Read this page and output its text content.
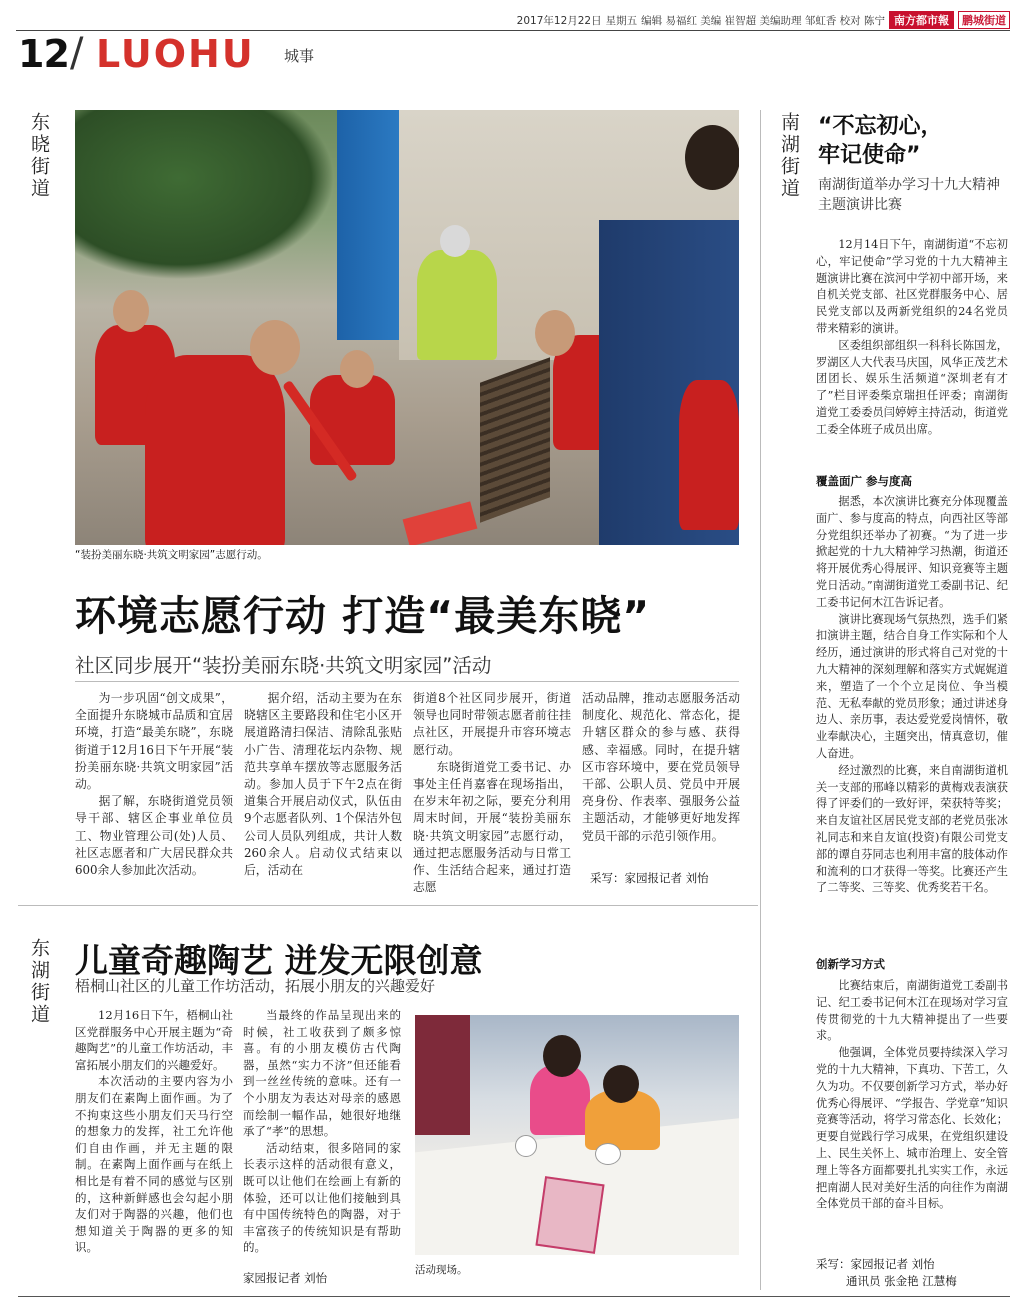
2017年12月22日 星期五 编辑 易福红 美编 崔智超 美编助理 邹虹香 校对 陈宁 南方都市報	鹏城街道
12 / LUOHU 城事
东晓街道
东湖街道
南湖街道
“装扮美丽东晓·共筑文明家园”志愿行动。
环境志愿行动 打造“最美东晓”
社区同步展开“装扮美丽东晓·共筑文明家园”活动

为一步巩固“创文成果”，全面提升东晓城市品质和宜居环境，打造“最美东晓”，东晓街道于12月16日下午开展“装扮美丽东晓·共筑文明家园”活动。

据了解，东晓街道党员领导干部、辖区企事业单位员工、物业管理公司(处)人员、社区志愿者和广大居民群众共600余人参加此次活动。

据介绍，活动主要为在东晓辖区主要路段和住宅小区开展道路清扫保洁、清除乱张贴小广告、清理花坛内杂物、规范共享单车摆放等志愿服务活动。参加人员于下午2点在街道集合开展启动仪式，队伍由9个志愿者队列、1个保洁外包公司人员队列组成，共计人数260余人。启动仪式结束以后，活动在

街道8个社区同步展开，街道领导也同时带领志愿者前往挂点社区，开展提升市容环境志愿行动。

东晓街道党工委书记、办事处主任肖嘉睿在现场指出，在岁末年初之际，要充分利用周末时间，开展“装扮美丽东晓·共筑文明家园”志愿行动，通过把志愿服务活动与日常工作、生活结合起来，通过打造志愿

活动品牌，推动志愿服务活动制度化、规范化、常态化，提升辖区群众的参与感、获得感、幸福感。同时，在提升辖区市容环境中，要在党员领导干部、公职人员、党员中开展亮身份、作表率、强服务公益主题活动，才能够更好地发挥党员干部的示范引领作用。

采写：家园报记者 刘怡
儿童奇趣陶艺 迸发无限创意
梧桐山社区的儿童工作坊活动，拓展小朋友的兴趣爱好

12月16日下午，梧桐山社区党群服务中心开展主题为“奇趣陶艺”的儿童工作坊活动，丰富拓展小朋友们的兴趣爱好。

本次活动的主要内容为小朋友们在素陶上面作画。为了不拘束这些小朋友们天马行空的想象力的发挥，社工允许他们自由作画，并无主题的限制。在素陶上面作画与在纸上相比是有着不同的感觉与区别的，这种新鲜感也会勾起小朋友们对于陶器的兴趣，他们也想知道关于陶器的更多的知识。

当最终的作品呈现出来的时候，社工收获到了颇多惊喜。有的小朋友模仿古代陶器，虽然“实力不济”但还能看到一丝丝传统的意味。还有一个小朋友为表达对母亲的感恩而绘制一幅作品，她很好地继承了“孝”的思想。

活动结束，很多陪同的家长表示这样的活动很有意义，既可以让他们在绘画上有新的体验，还可以让他们接触到具有中国传统特色的陶器，对于丰富孩子的传统知识是有帮助的。

家园报记者 刘怡
活动现场。
“不忘初心，
牢记使命”
南湖街道举办学习十九大精神主题演讲比赛

12月14日下午，南湖街道“不忘初心，牢记使命”学习党的十九大精神主题演讲比赛在滨河中学初中部开场，来自机关党支部、社区党群服务中心、居民党支部以及两新党组织的24名党员带来精彩的演讲。

区委组织部组织一科科长陈国龙，罗湖区人大代表马庆国，风华正茂艺术团团长、娱乐生活频道“深圳老有才了”栏目评委柴京瑞担任评委；南湖街道党工委委员闫婷婷主持活动，街道党工委全体班子成员出席。

覆盖面广 参与度高

据悉，本次演讲比赛充分体现覆盖面广、参与度高的特点，向西社区等部分党组织还举办了初赛。“为了进一步掀起党的十九大精神学习热潮，街道还将开展优秀心得展评、知识竞赛等主题党日活动。”南湖街道党工委副书记、纪工委书记何木江告诉记者。

演讲比赛现场气氛热烈，选手们紧扣演讲主题，结合自身工作实际和个人经历，通过演讲的形式将自己对党的十九大精神的深刻理解和落实方式娓娓道来，塑造了一个个立足岗位、争当模范、无私奉献的党员形象；通过讲述身边人、亲历事，表达爱党爱岗情怀，敬业奉献决心，主题突出，情真意切，催人奋进。

经过激烈的比赛，来自南湖街道机关一支部的邢峰以精彩的黄梅戏表演获得了评委们的一致好评，荣获特等奖；来自友谊社区居民党支部的老党员张冰礼同志和来自友谊(投资)有限公司党支部的谭自芬同志也利用丰富的肢体动作和流利的口才获得一等奖。比赛还产生了二等奖、三等奖、优秀奖若干名。

创新学习方式

比赛结束后，南湖街道党工委副书记、纪工委书记何木江在现场对学习宣传贯彻党的十九大精神提出了一些要求。

他强调，全体党员要持续深入学习党的十九大精神，下真功、下苦工，久久为功。不仅要创新学习方式，举办好优秀心得展评、“学报告、学党章”知识竞赛等活动，将学习常态化、长效化；更要自觉践行学习成果，在党组织建设上、民生关怀上、城市治理上、安全管理上等各方面都要扎扎实实工作，永远把南湖人民对美好生活的向往作为南湖全体党员干部的奋斗目标。

采写：家园报记者 刘怡
通讯员 张金艳 江慧梅
